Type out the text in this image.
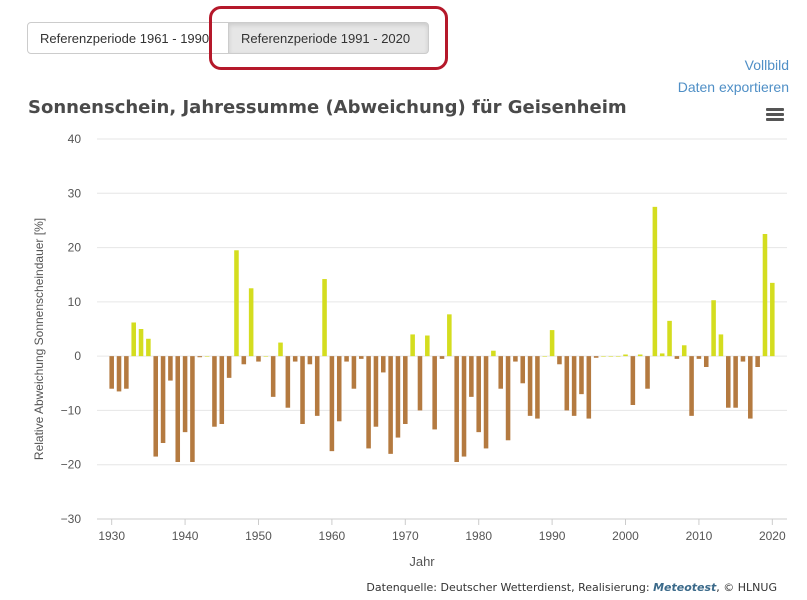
Referenzperiode 1961 - 1990	Referenzperiode 1991 - 2020
Vollbild
Daten exportieren
Sonnenschein, Jahressumme (Abweichung) für Geisenheim
40
30
20
10
0
−10
−20
−30
1930	1940	1950	1960	1970	1980	1990	2000	2010	2020
Jahr
Relative Abweichung Sonnenscheindauer [%]
Datenquelle: Deutscher Wetterdienst, Realisierung: Meteotest, © HLNUG
